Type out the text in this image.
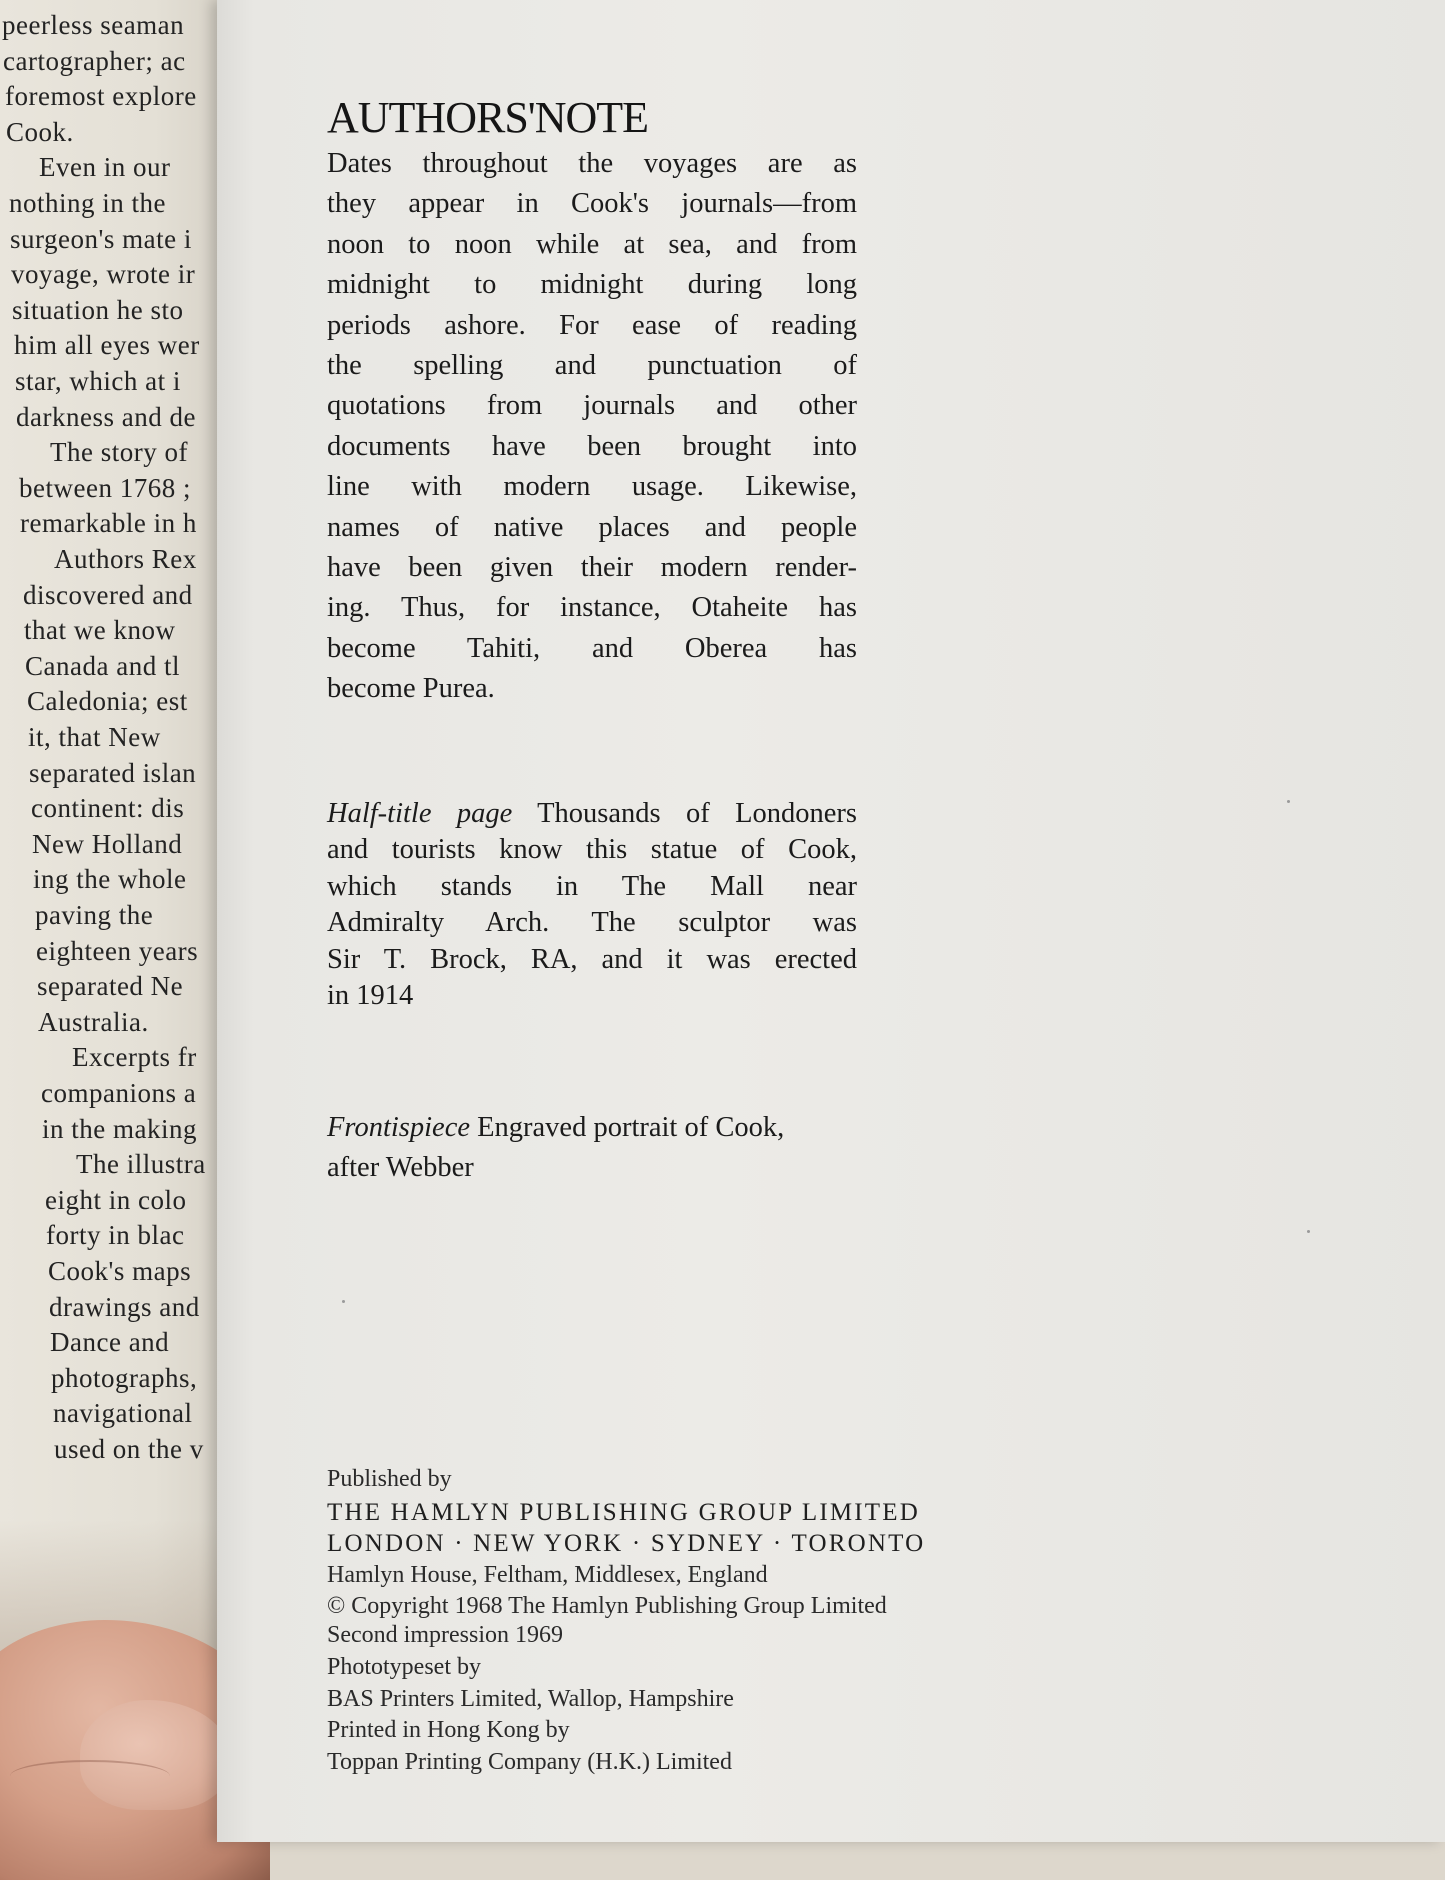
peerless seaman
cartographer; ac
foremost explore
Cook.
Even in our
nothing in the
surgeon's mate i
voyage, wrote ir
situation he sto
him all eyes wer
star, which at i
darkness and de
The story of
between 1768 ;
remarkable in h
Authors Rex
discovered and
that we know
Canada and tl
Caledonia; est
it, that New
separated islan
continent: dis
New Holland
ing the whole
paving the
eighteen years
separated Ne
Australia.
Excerpts fr
companions a
in the making
The illustra
eight in colo
forty in blac
Cook's maps
drawings and
Dance and
photographs,
navigational
used on the v
AUTHORS'NOTE
Dates throughout the voyages are as
they appear in Cook's journals—from
noon to noon while at sea, and from
midnight to midnight during long
periods ashore. For ease of reading
the spelling and punctuation of
quotations from journals and other
documents have been brought into
line with modern usage. Likewise,
names of native places and people
have been given their modern render-
ing. Thus, for instance, Otaheite has
become Tahiti, and Oberea has
become Purea.
Half-title page Thousands of Londoners
and tourists know this statue of Cook,
which stands in The Mall near
Admiralty Arch. The sculptor was
Sir T. Brock, RA, and it was erected
in 1914
Frontispiece Engraved portrait of Cook,
after Webber
Published by
THE HAMLYN PUBLISHING GROUP LIMITED
LONDON · NEW YORK · SYDNEY · TORONTO
Hamlyn House, Feltham, Middlesex, England
© Copyright 1968 The Hamlyn Publishing Group Limited
Second impression 1969
Phototypeset by
BAS Printers Limited, Wallop, Hampshire
Printed in Hong Kong by
Toppan Printing Company (H.K.) Limited
